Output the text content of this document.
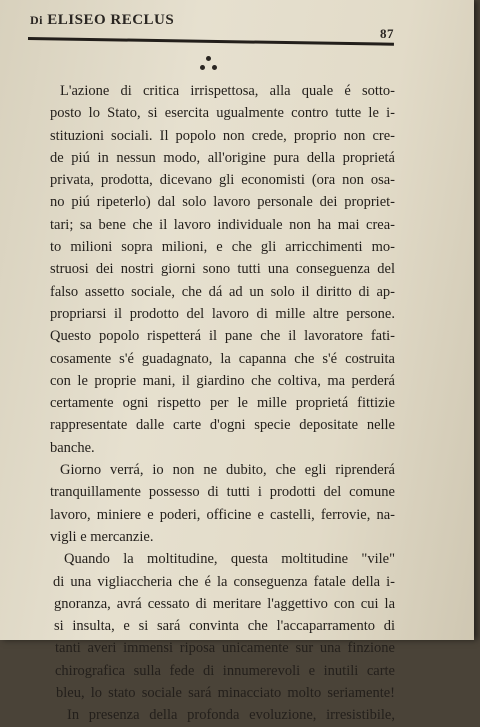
Di ELISEO RECLUS
87
L'azione di critica irrispettosa, alla quale é sotto-
posto lo Stato, si esercita ugualmente contro tutte le i-
stituzioni sociali. Il popolo non crede, proprio non cre-
de piú in nessun modo, all'origine pura della proprietá
privata, prodotta, dicevano gli economisti (ora non osa-
no piú ripeterlo) dal solo lavoro personale dei propriet-
tari; sa bene che il lavoro individuale non ha mai crea-
to milioni sopra milioni, e che gli arricchimenti mo-
struosi dei nostri giorni sono tutti una conseguenza del
falso assetto sociale, che dá ad un solo il diritto di ap-
propriarsi il prodotto del lavoro di mille altre persone.
Questo popolo rispetterá il pane che il lavoratore fati-
cosamente s'é guadagnato, la capanna che s'é costruita
con le proprie mani, il giardino che coltiva, ma perderá
certamente ogni rispetto per le mille proprietá fittizie
rappresentate dalle carte d'ogni specie depositate nelle
banche.
Giorno verrá, io non ne dubito, che egli riprenderá
tranquillamente possesso di tutti i prodotti del comune
lavoro, miniere e poderi, officine e castelli, ferrovie, na-
vigli e mercanzie.
Quando la moltitudine, questa moltitudine "vile"
di una vigliaccheria che é la conseguenza fatale della i-
gnoranza, avrá cessato di meritare l'aggettivo con cui la
si insulta, e si sará convinta che l'accaparramento di
tanti averi immensi riposa unicamente sur una finzione
chirografica sulla fede di innumerevoli e inutili carte
bleu, lo stato sociale sará minacciato molto seriamente!
In presenza della profonda evoluzione, irresistibile,
